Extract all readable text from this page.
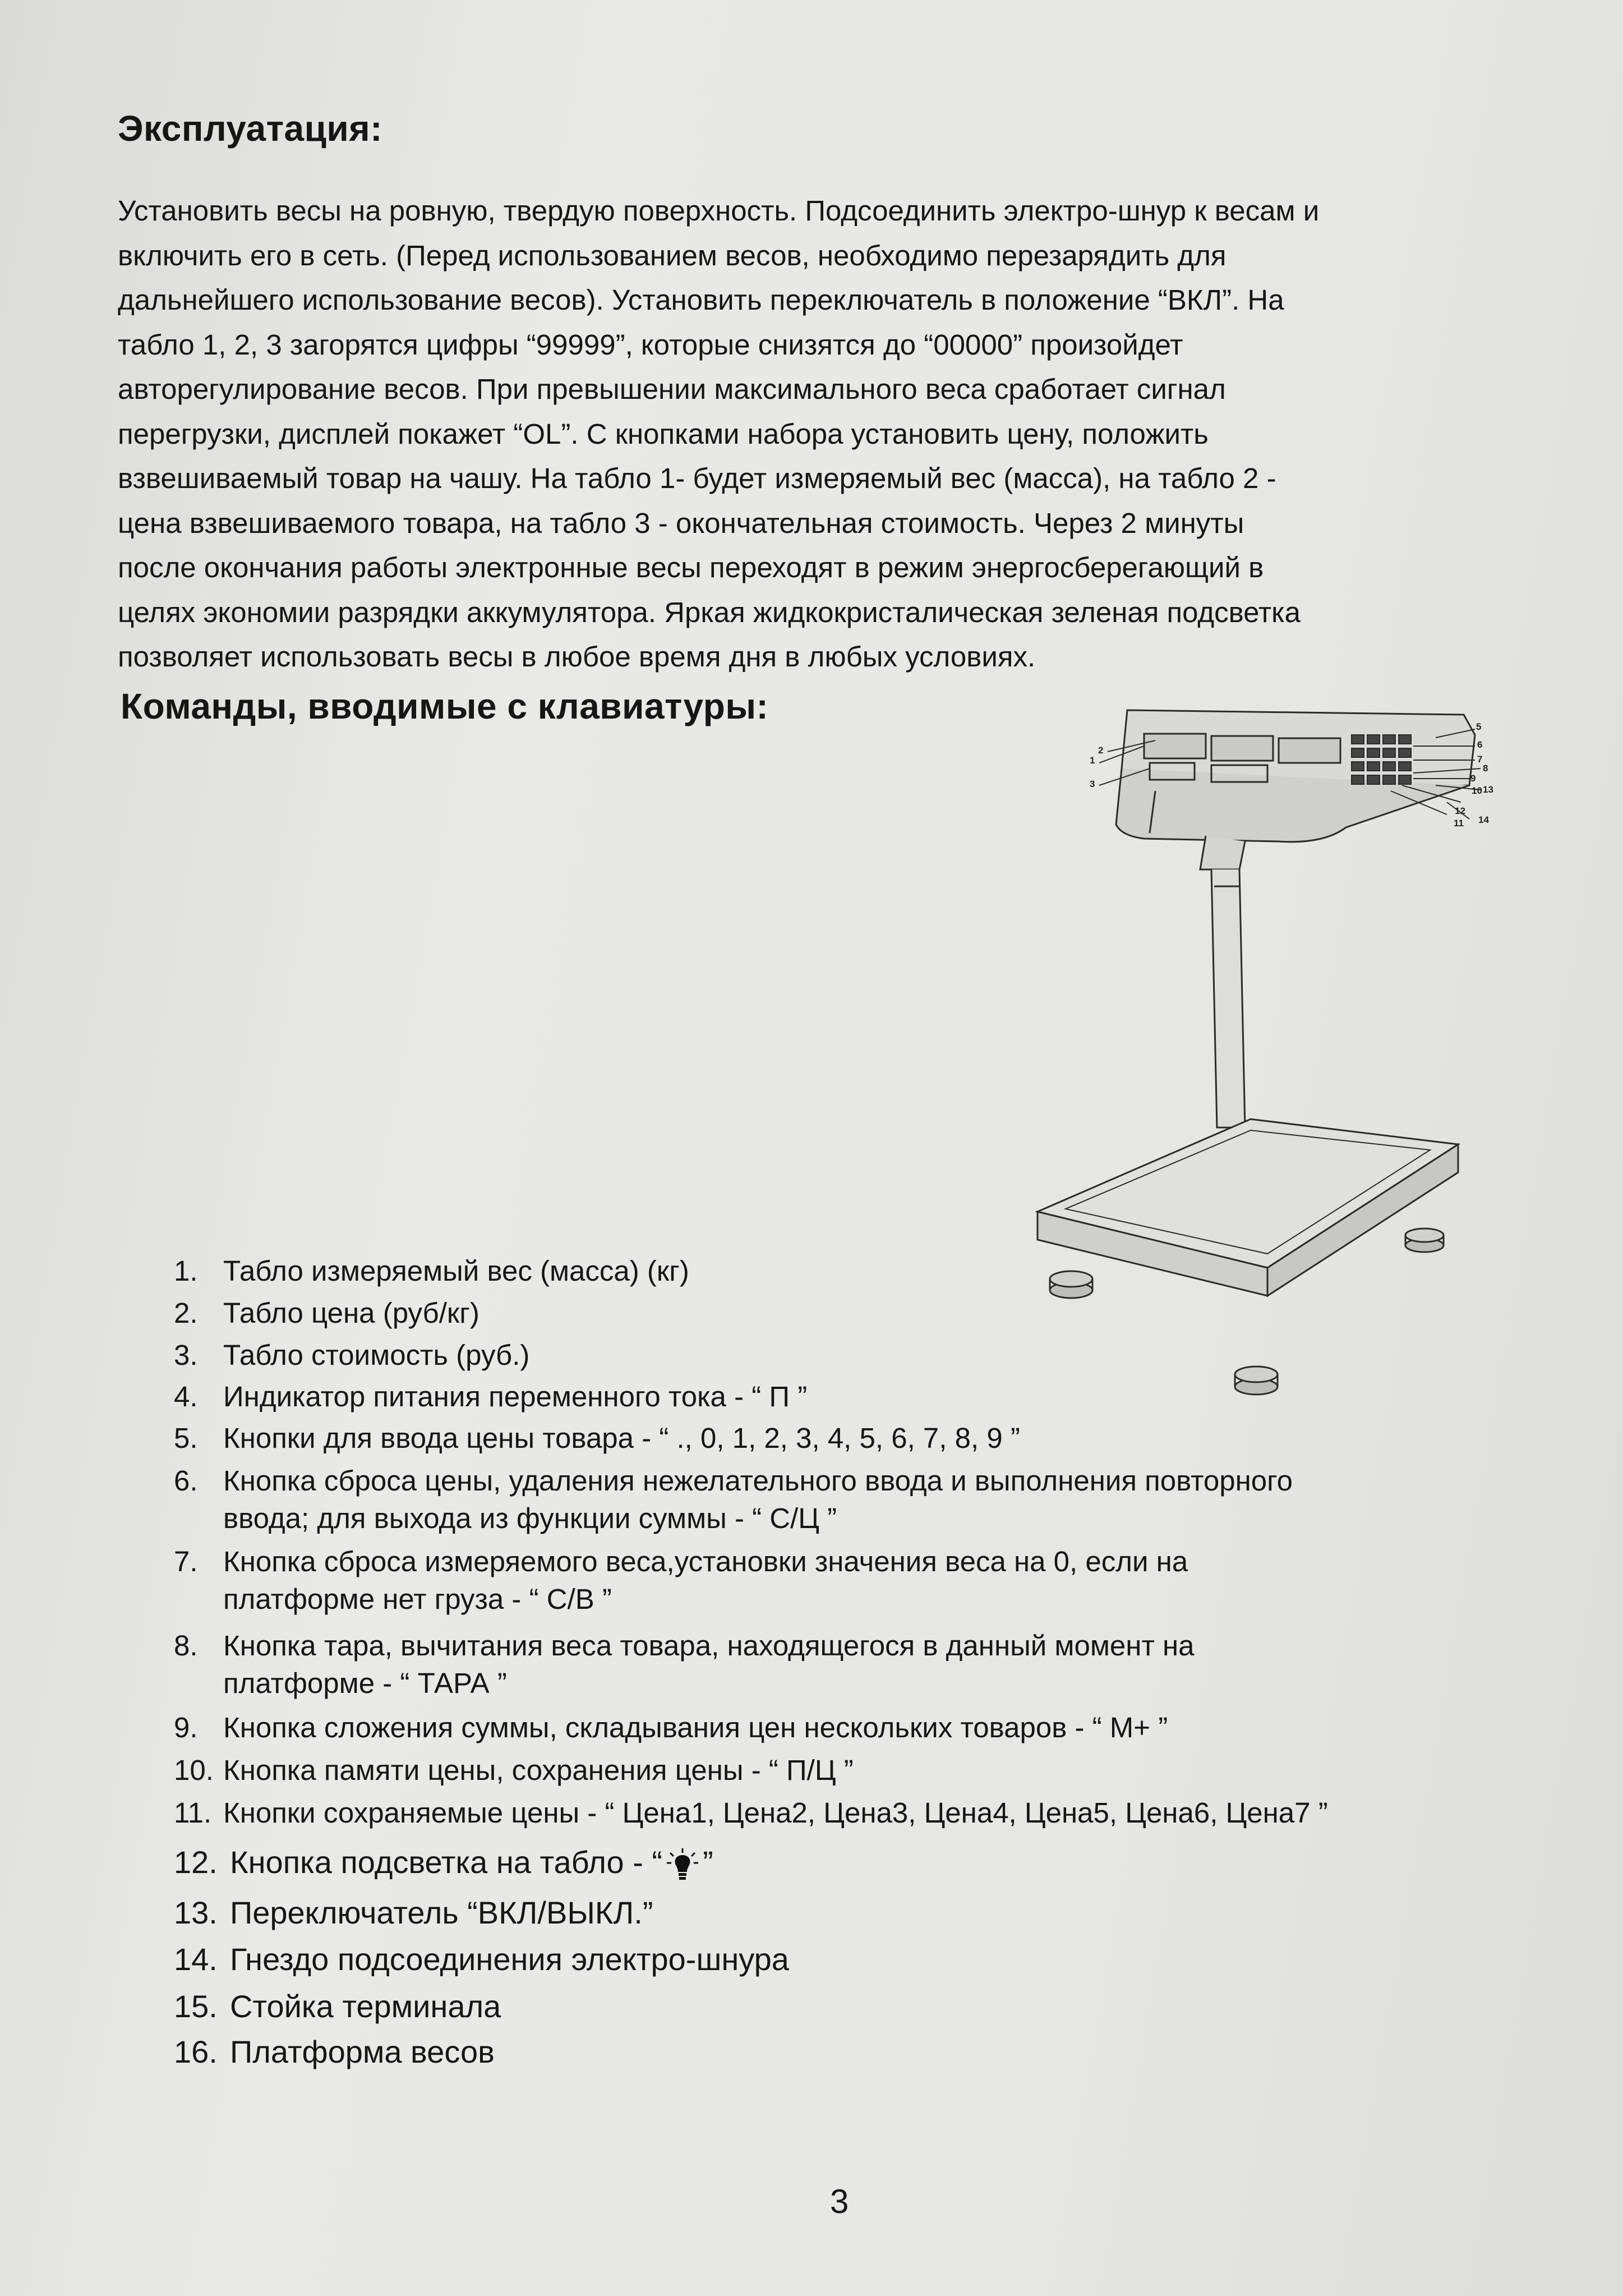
Эксплуатация:
Установить весы на ровную, твердую поверхность. Подсоединить электро-шнур к весам и
включить его в сеть. (Перед использованием весов, необходимо перезарядить для
дальнейшего использование весов). Установить переключатель в положение “ВКЛ”. На
табло 1, 2, 3 загорятся цифры “99999”, которые снизятся до “00000” произойдет
авторегулирование весов. При превышении максимального веса сработает сигнал
перегрузки, дисплей покажет “OL”. С кнопками набора установить цену, положить
взвешиваемый товар на чашу. На табло 1- будет измеряемый вес (масса), на табло 2 -
цена взвешиваемого товара, на табло 3 - окончательная стоимость. Через 2 минуты
после окончания работы электронные весы переходят в режим энергосберегающий в
целях экономии разрядки аккумулятора. Яркая жидкокристалическая зеленая подсветка
позволяет использовать весы в любое время дня в любых условиях.
Команды, вводимые с клавиатуры:
1
2
3
5
6
7
8
9
10
11
12
13
14
1. Табло измеряемый вес (масса) (кг)
2. Табло цена (руб/кг)
3. Табло стоимость (руб.)
4. Индикатор питания переменного тока - “ П ”
5. Кнопки для ввода цены товара - “ ., 0, 1, 2, 3, 4, 5, 6, 7, 8, 9 ”
6. Кнопка сброса цены, удаления нежелательного ввода и выполнения повторного
ввода; для выхода из функции суммы - “ С/Ц ”
7. Кнопка сброса измеряемого веса,установки значения веса на 0, если на
платформе нет груза - “ С/В ”
8. Кнопка тара, вычитания веса товара, находящегося в данный момент на
платформе - “ ТАРА ”
9. Кнопка сложения суммы, складывания цен нескольких товаров - “ М+ ”
10. Кнопка памяти цены, сохранения цены - “ П/Ц ”
11. Кнопки сохраняемые цены - “ Цена1, Цена2, Цена3, Цена4, Цена5, Цена6, Цена7 ”
12. Кнопка подсветка на табло - “ ”
13. Переключатель “ВКЛ/ВЫКЛ.”
14. Гнездо подсоединения электро-шнура
15. Стойка терминала
16. Платформа весов
3
